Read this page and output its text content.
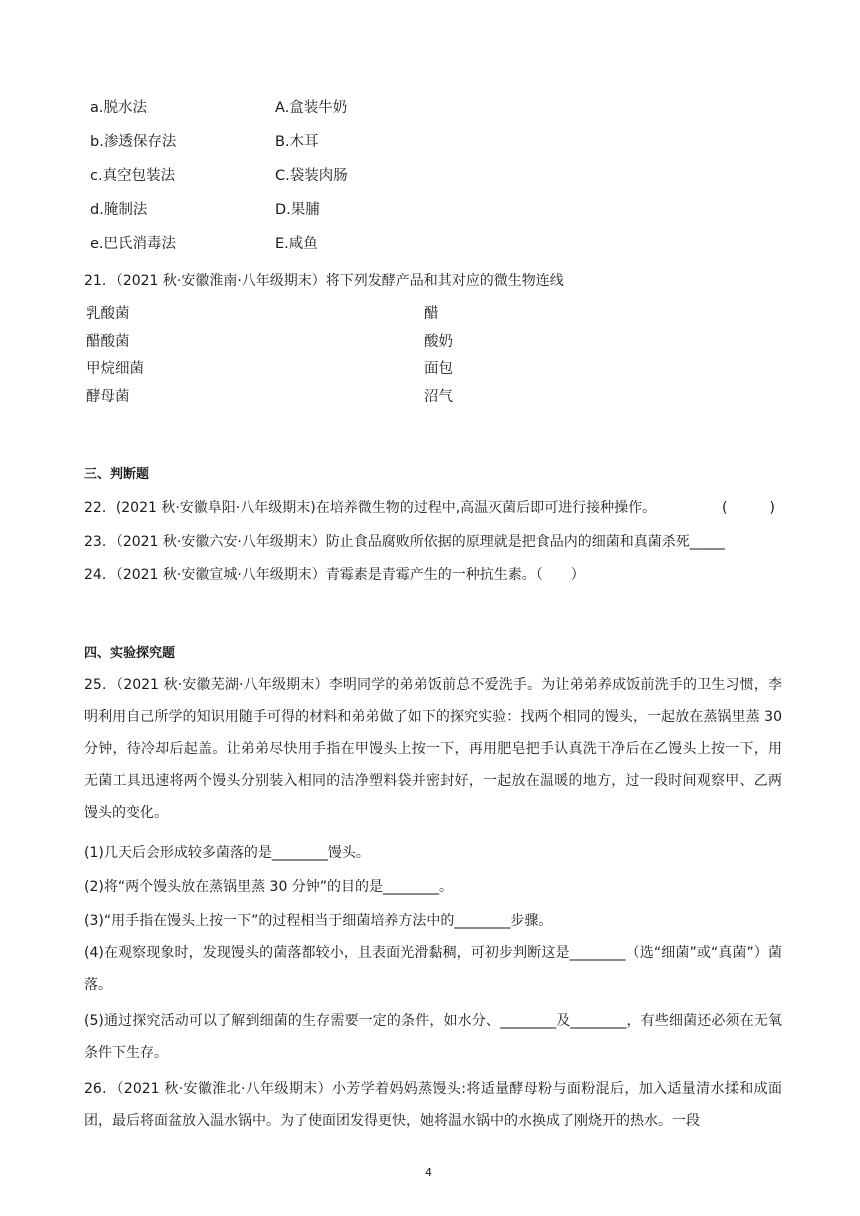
a.脱水法
b.渗透保存法
c.真空包装法
d.腌制法
e.巴氏消毒法
A.盒装牛奶
B.木耳
C.袋装肉肠
D.果脯
E.咸鱼
21．（2021 秋·安徽淮南·八年级期末）将下列发酵产品和其对应的微生物连线
乳酸菌
醋酸菌
甲烷细菌
酵母菌
醋
酸奶
面包
沼气
三、判断题
22．(2021 秋·安徽阜阳·八年级期末)在培养微生物的过程中,高温灭菌后即可进行接种操作。	(　　　)
23．（2021 秋·安徽六安·八年级期末）防止食品腐败所依据的原理就是把食品内的细菌和真菌杀死_____
24．（2021 秋·安徽宣城·八年级期末）青霉素是青霉产生的一种抗生素。（　　）
四、实验探究题
25．（2021 秋·安徽芜湖·八年级期末）李明同学的弟弟饭前总不爱洗手。为让弟弟养成饭前洗手的卫生习惯，李明利用自己所学的知识用随手可得的材料和弟弟做了如下的探究实验：找两个相同的馒头，一起放在蒸锅里蒸 30 分钟，待冷却后起盖。让弟弟尽快用手指在甲馒头上按一下，再用肥皂把手认真洗干净后在乙馒头上按一下，用无菌工具迅速将两个馒头分别装入相同的洁净塑料袋并密封好，一起放在温暖的地方，过一段时间观察甲、乙两馒头的变化。
(1)几天后会形成较多菌落的是________馒头。
(2)将“两个馒头放在蒸锅里蒸 30 分钟”的目的是________。
(3)“用手指在馒头上按一下”的过程相当于细菌培养方法中的________步骤。
(4)在观察现象时，发现馒头的菌落都较小，且表面光滑黏稠，可初步判断这是________（选“细菌”或“真菌”）菌落。
(5)通过探究活动可以了解到细菌的生存需要一定的条件，如水分、________及________，有些细菌还必须在无氧条件下生存。
26．（2021 秋·安徽淮北·八年级期末）小芳学着妈妈蒸馒头:将适量酵母粉与面粉混后，加入适量清水揉和成面团，最后将面盆放入温水锅中。为了使面团发得更快，她将温水锅中的水换成了刚烧开的热水。一段
4
